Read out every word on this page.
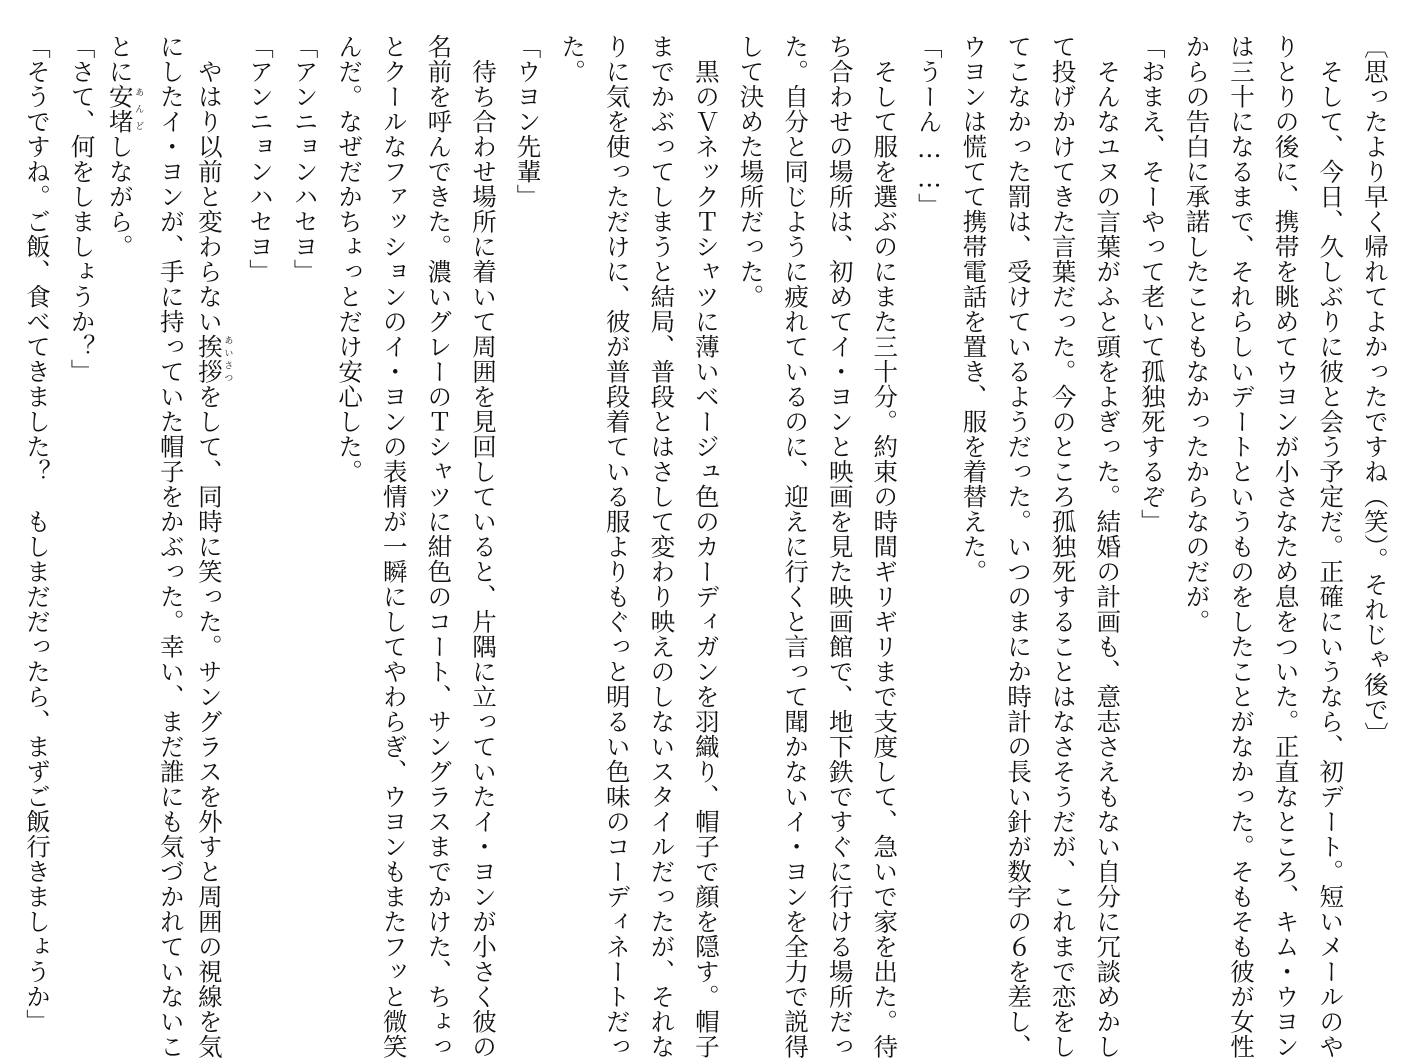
〔思ったより早く帰れてよかったですね（笑）。それじゃ後で〕
　そして、今日、久しぶりに彼と会う予定だ。正確にいうなら、初デート。短いメールのや
りとりの後に、携帯を眺めてウヨンが小さなため息をついた。正直なところ、キム・ウヨン
は三十になるまで、それらしいデートというものをしたことがなかった。そもそも彼が女性
からの告白に承諾したこともなかったからなのだが。
「おまえ、そーやって老いて孤独死するぞ」
　そんなユヌの言葉がふと頭をよぎった。結婚の計画も、意志さえもない自分に冗談めかし
て投げかけてきた言葉だった。今のところ孤独死することはなさそうだが、これまで恋をし
てこなかった罰は、受けているようだった。いつのまにか時計の長い針が数字の６を差し、
ウヨンは慌てて携帯電話を置き、服を着替えた。
「うーん……」
　そして服を選ぶのにまた三十分。約束の時間ギリギリまで支度して、急いで家を出た。待
ち合わせの場所は、初めてイ・ヨンと映画を見た映画館で、地下鉄ですぐに行ける場所だっ
た。自分と同じように疲れているのに、迎えに行くと言って聞かないイ・ヨンを全力で説得
して決めた場所だった。
　黒のＶネックＴシャツに薄いベージュ色のカーディガンを羽織り、帽子で顔を隠す。帽子
までかぶってしまうと結局、普段とはさして変わり映えのしないスタイルだったが、それな
りに気を使っただけに、彼が普段着ている服よりもぐっと明るい色味のコーディネートだっ
た。
「ウヨン先輩」
　待ち合わせ場所に着いて周囲を見回していると、片隅に立っていたイ・ヨンが小さく彼の
名前を呼んできた。濃いグレーのＴシャツに紺色のコート、サングラスまでかけた、ちょっ
とクールなファッションのイ・ヨンの表情が一瞬にしてやわらぎ、ウヨンもまたフッと微笑
んだ。なぜだかちょっとだけ安心した。
「アンニョンハセヨ」
「アンニョンハセヨ」
　やはり以前と変わらない挨拶あいさつをして、同時に笑った。サングラスを外すと周囲の視線を気
にしたイ・ヨンが、手に持っていた帽子をかぶった。幸い、まだ誰にも気づかれていないこ
とに安堵あんどしながら。
「さて、何をしましょうか？」
「そうですね。ご飯、食べてきました？　もしまだだったら、まずご飯行きましょうか」
